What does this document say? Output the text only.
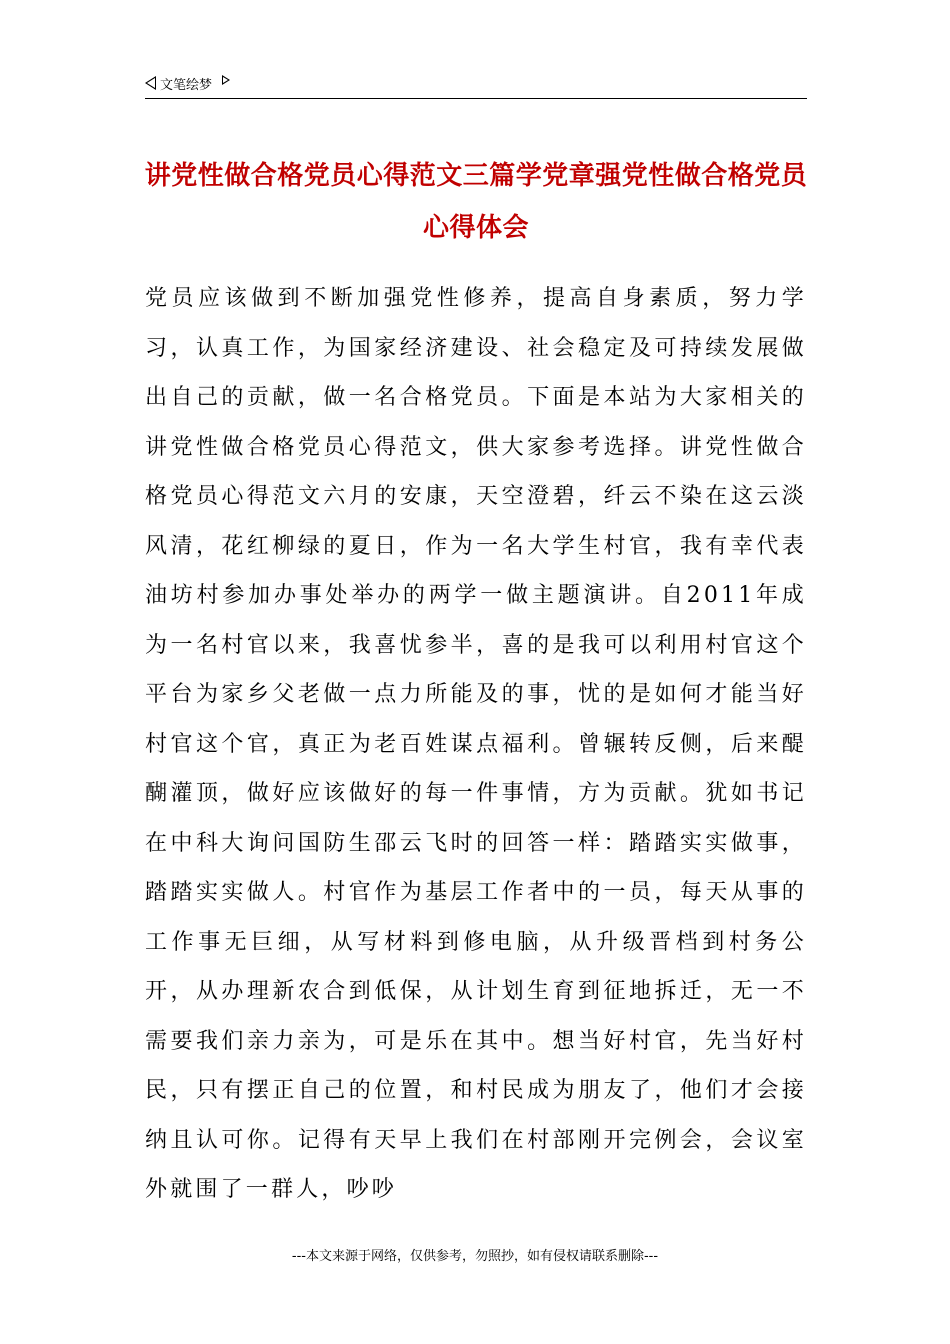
文笔绘梦
讲党性做合格党员心得范文三篇学党章强党性做合格党员心得体会
党员应该做到不断加强党性修养，提高自身素质，努力学习，认真工作，为国家经济建设、社会稳定及可持续发展做出自己的贡献，做一名合格党员。下面是本站为大家相关的讲党性做合格党员心得范文，供大家参考选择。讲党性做合格党员心得范文六月的安康，天空澄碧，纤云不染在这云淡风清，花红柳绿的夏日，作为一名大学生村官，我有幸代表油坊村参加办事处举办的两学一做主题演讲。自2011年成为一名村官以来，我喜忧参半，喜的是我可以利用村官这个平台为家乡父老做一点力所能及的事，忧的是如何才能当好村官这个官，真正为老百姓谋点福利。曾辗转反侧，后来醍醐灌顶，做好应该做好的每一件事情，方为贡献。犹如书记在中科大询问国防生邵云飞时的回答一样：踏踏实实做事，踏踏实实做人。村官作为基层工作者中的一员，每天从事的工作事无巨细，从写材料到修电脑，从升级晋档到村务公开，从办理新农合到低保，从计划生育到征地拆迁，无一不需要我们亲力亲为，可是乐在其中。想当好村官，先当好村民，只有摆正自己的位置，和村民成为朋友了，他们才会接纳且认可你。记得有天早上我们在村部刚开完例会，会议室外就围了一群人，吵吵
---本文来源于网络，仅供参考，勿照抄，如有侵权请联系删除---
